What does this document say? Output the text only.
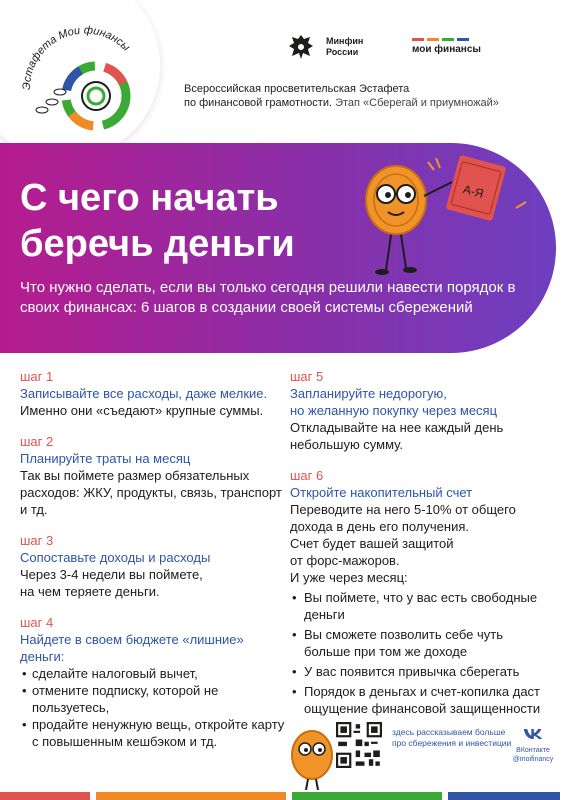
Эстафета Мои финансы	Минфин
России	мои финансы
Всероссийская просветительская Эстафета
по финансовой грамотности. Этап «Сберегай и приумножай»
С чего начать
беречь деньги
Что нужно сделать, если вы только сегодня решили навести порядок в своих финансах: 6 шагов в создании своей системы сбережений
А-Я
шаг 1
Записывайте все расходы, даже мелкие. Именно они «съедают» крупные суммы.
шаг 2
Планируйте траты на месяц
Так вы поймете размер обязательных расходов: ЖКУ, продукты, связь, транспорт и тд.
шаг 3
Сопоставьте доходы и расходы
Через 3-4 недели вы поймете,
на чем теряете деньги.
шаг 4
Найдете в своем бюджете «лишние» деньги:
• сделайте налоговый вычет,
• отмените подписку, которой не пользуетесь,
• продайте ненужную вещь, откройте карту с повышенным кешбэком и тд.
шаг 5
Запланируйте недорогую,
но желанную покупку через месяц
Откладывайте на нее каждый день небольшую сумму.
шаг 6
Откройте накопительный счет
Переводите на него 5-10% от общего дохода в день его получения.
Счет будет вашей защитой
от форс-мажоров.
И уже через месяц:
• Вы поймете, что у вас есть свободные деньги
• Вы сможете позволить себе чуть больше при том же доходе
• У вас появится привычка сберегать
• Порядок в деньгах и счет-копилка даст ощущение финансовой защищенности
здесь рассказываем больше про сбережения и инвестиции
ВКонтакте
@moifinancy
